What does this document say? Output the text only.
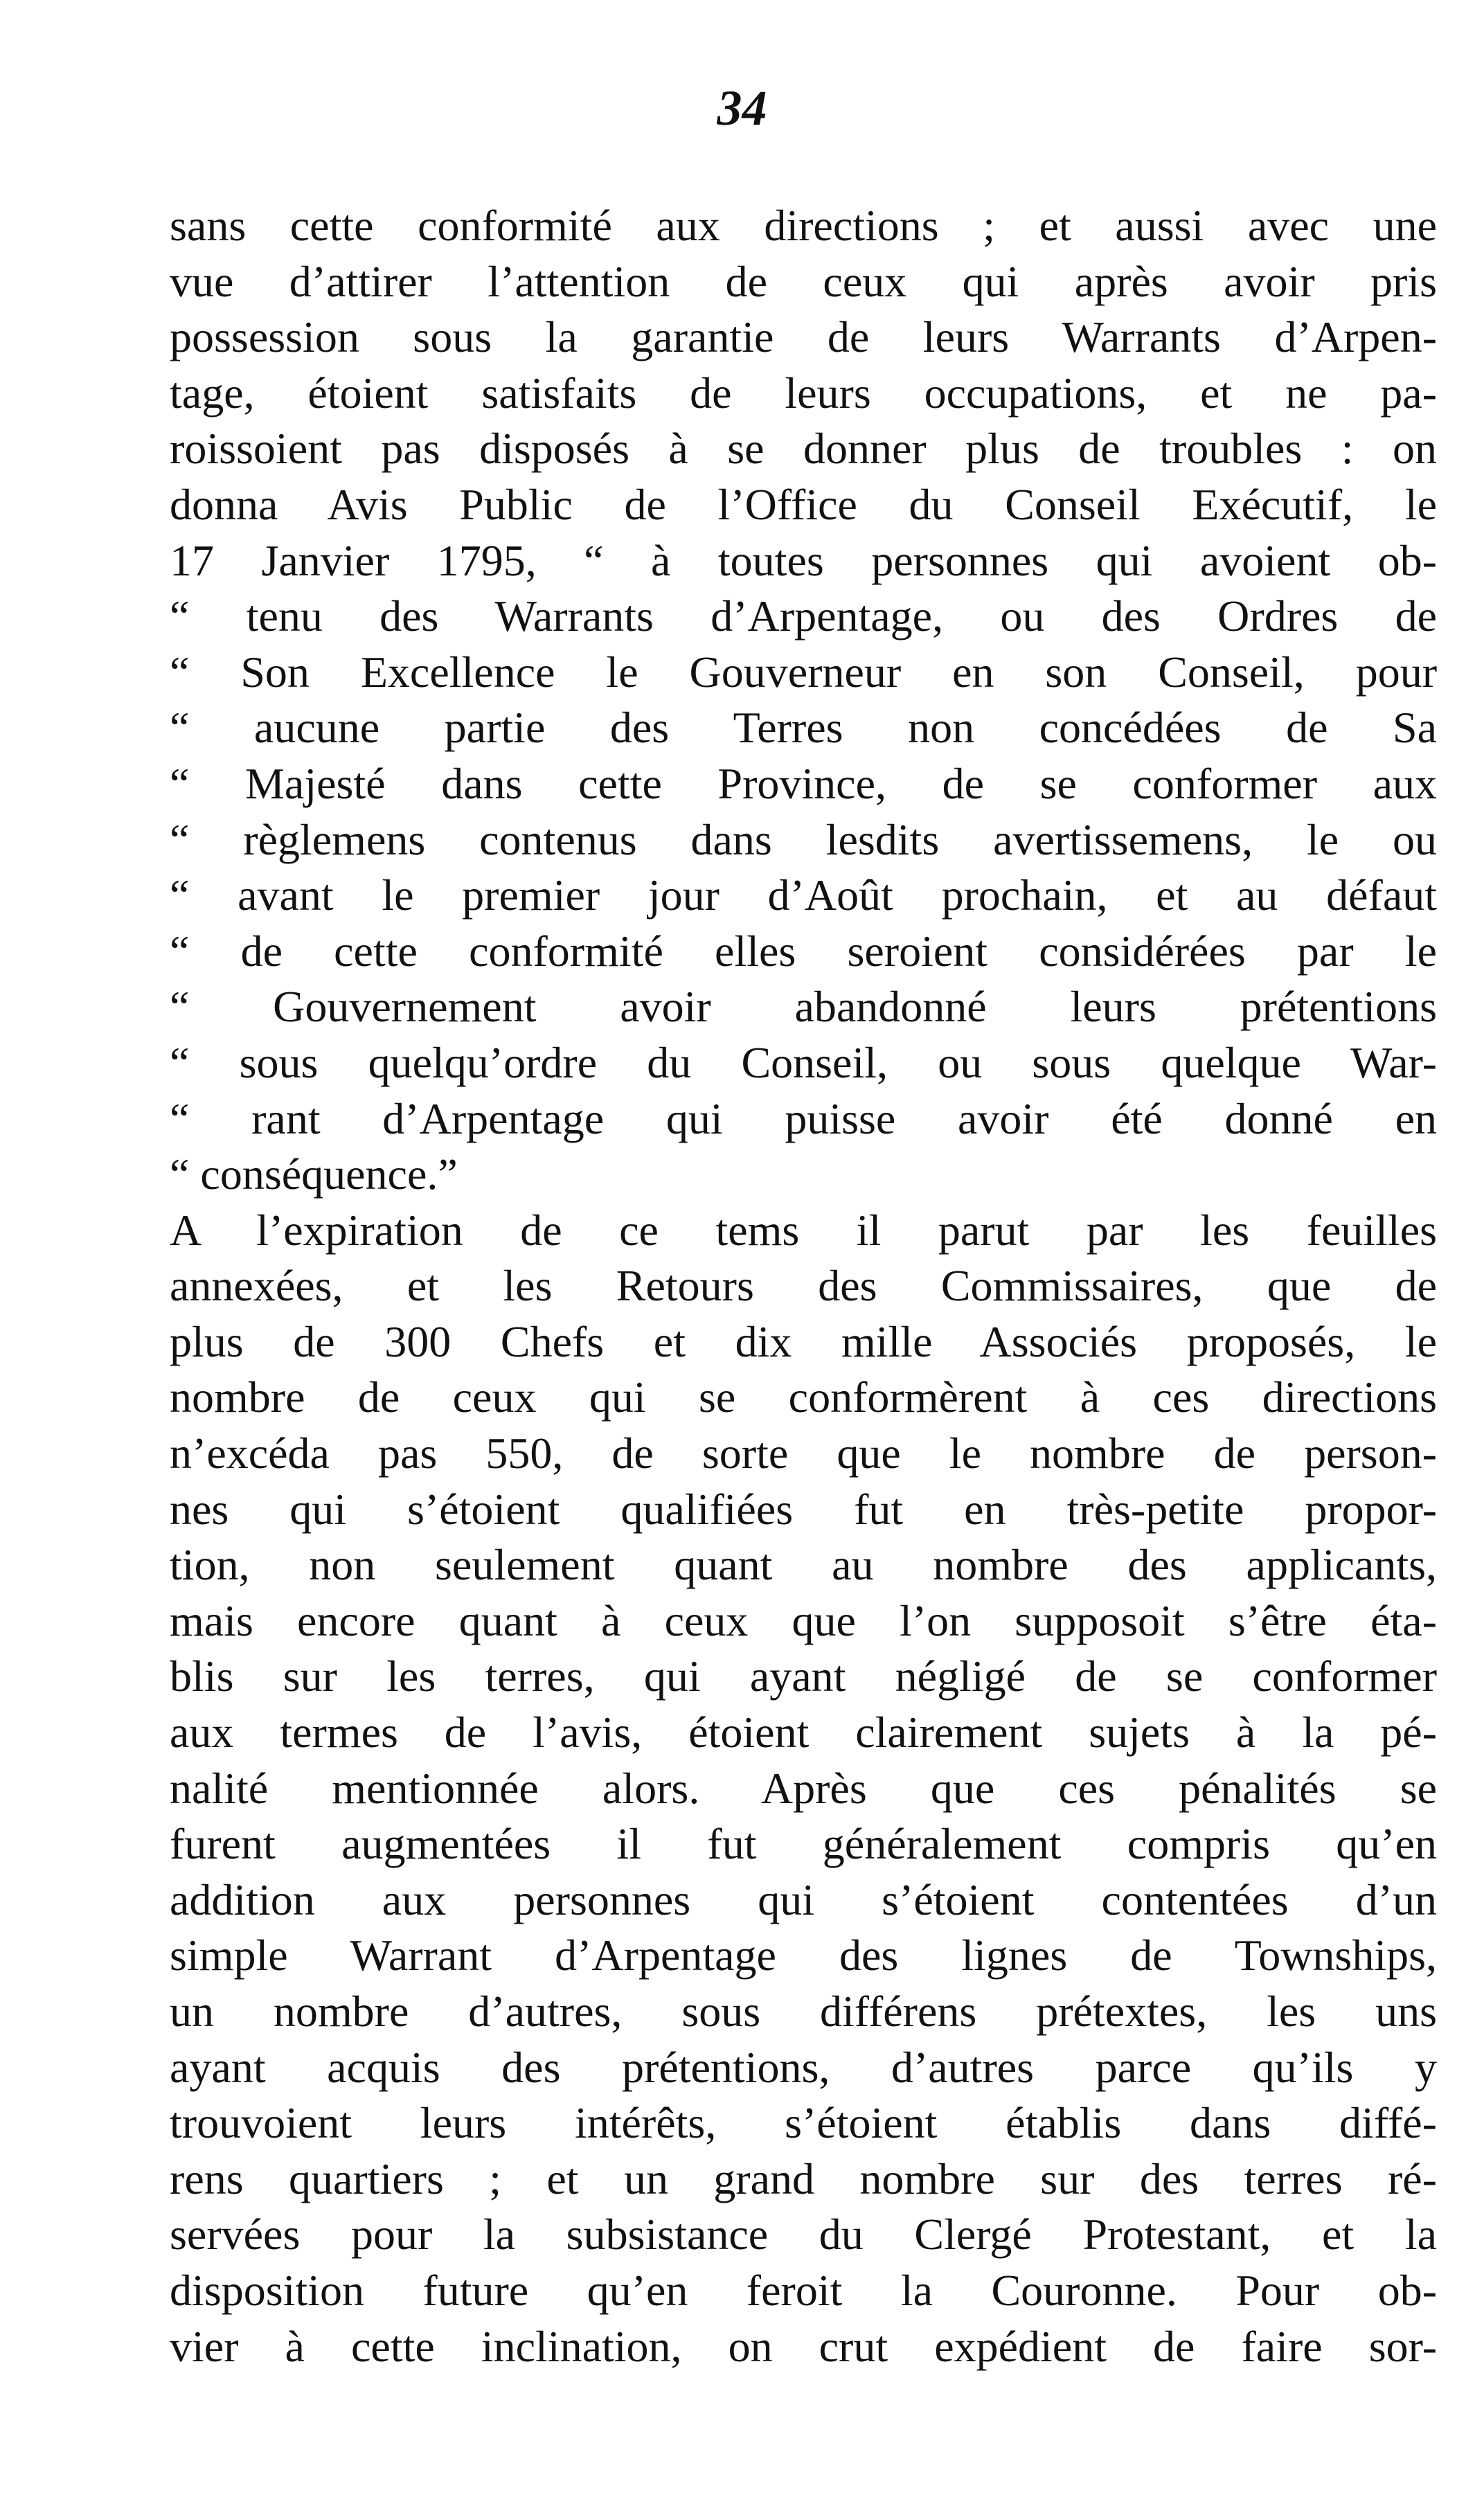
34
sans cette conformité aux directions ; et aussi avec une
vue d’attirer l’attention de ceux qui après avoir pris
possession sous la garantie de leurs Warrants d’Arpen-
tage, étoient satisfaits de leurs occupations, et ne pa-
roissoient pas disposés à se donner plus de troubles : on
donna Avis Public de l’Office du Conseil Exécutif, le
17 Janvier 1795, “ à toutes personnes qui avoient ob-
“ tenu des Warrants d’Arpentage, ou des Ordres de
“ Son Excellence le Gouverneur en son Conseil, pour
“ aucune partie des Terres non concédées de Sa
“ Majesté dans cette Province, de se conformer aux
“ règlemens contenus dans lesdits avertissemens, le ou
“ avant le premier jour d’Août prochain, et au défaut
“ de cette conformité elles seroient considérées par le
“ Gouvernement avoir abandonné leurs prétentions
“ sous quelqu’ordre du Conseil, ou sous quelque War-
“ rant d’Arpentage qui puisse avoir été donné en
“ conséquence.”
A l’expiration de ce tems il parut par les feuilles
annexées, et les Retours des Commissaires, que de
plus de 300 Chefs et dix mille Associés proposés, le
nombre de ceux qui se conformèrent à ces directions
n’excéda pas 550, de sorte que le nombre de person-
nes qui s’étoient qualifiées fut en très-petite propor-
tion, non seulement quant au nombre des applicants,
mais encore quant à ceux que l’on supposoit s’être éta-
blis sur les terres, qui ayant négligé de se conformer
aux termes de l’avis, étoient clairement sujets à la pé-
nalité mentionnée alors. Après que ces pénalités se
furent augmentées il fut généralement compris qu’en
addition aux personnes qui s’étoient contentées d’un
simple Warrant d’Arpentage des lignes de Townships,
un nombre d’autres, sous différens prétextes, les uns
ayant acquis des prétentions, d’autres parce qu’ils y
trouvoient leurs intérêts, s’étoient établis dans diffé-
rens quartiers ; et un grand nombre sur des terres ré-
servées pour la subsistance du Clergé Protestant, et la
disposition future qu’en feroit la Couronne. Pour ob-
vier à cette inclination, on crut expédient de faire sor-
